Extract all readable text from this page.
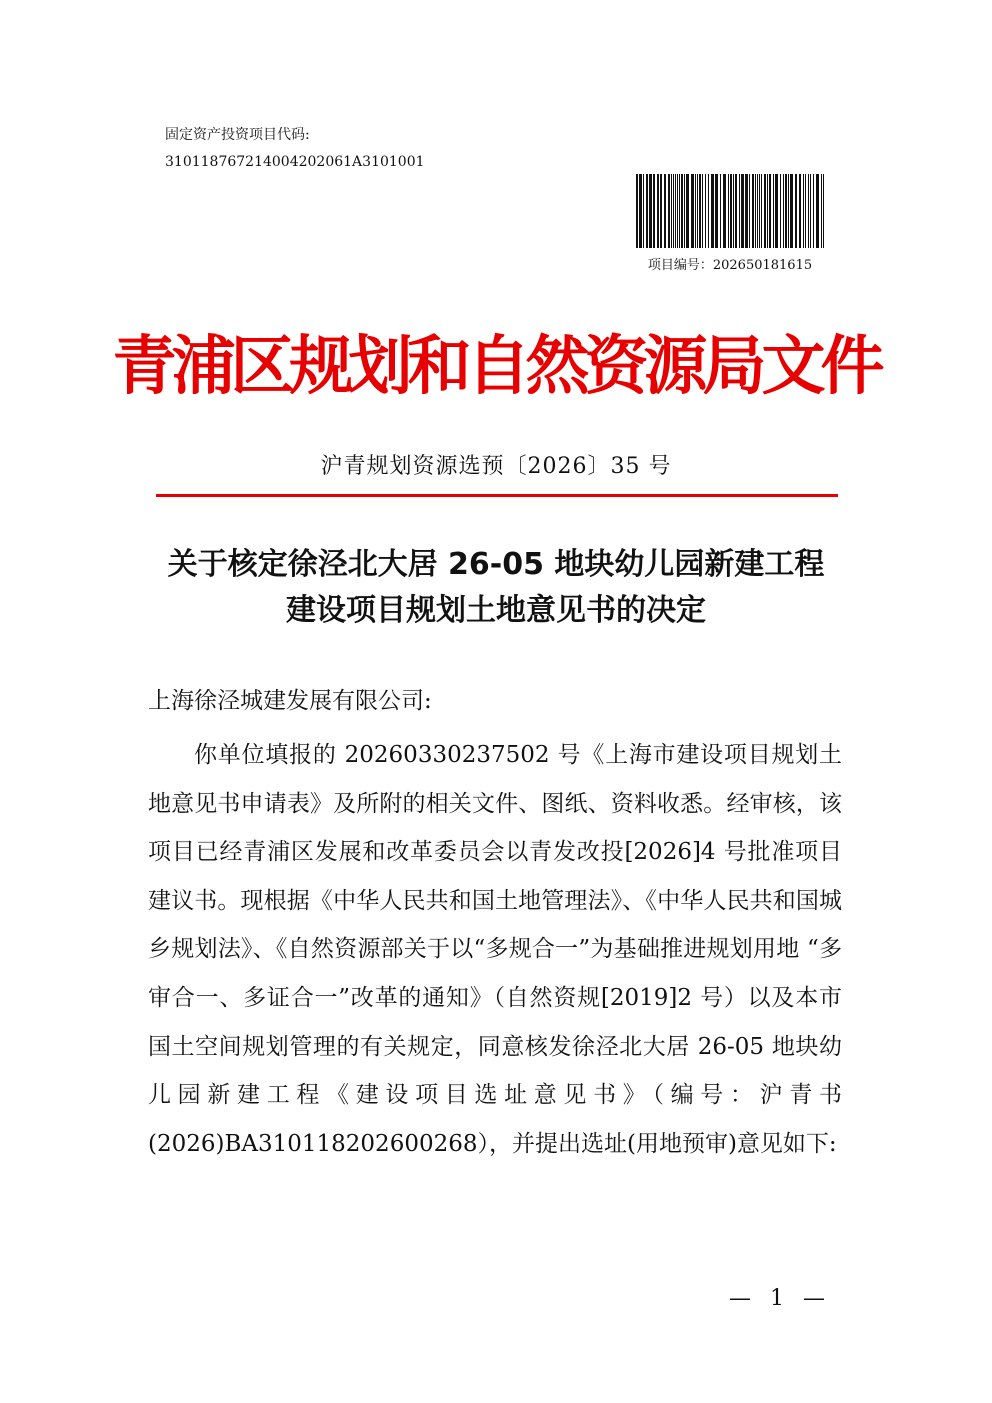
固定资产投资项目代码:
310118767214004202061A3101001
项目编号：202650181615
青浦区规划和自然资源局文件
沪青规划资源选预〔2026〕35 号
关于核定徐泾北大居 26-05 地块幼儿园新建工程
建设项目规划土地意见书的决定
上海徐泾城建发展有限公司:

你单位填报的 20260330237502 号《上海市建设项目规划土地意见书申请表》及所附的相关文件、图纸、资料收悉。经审核，该项目已经青浦区发展和改革委员会以青发改投[2026]4 号批准项目建议书。现根据《中华人民共和国土地管理法》、《中华人民共和国城乡规划法》、《自然资源部关于以“多规合一”为基础推进规划用地 “多审合一、多证合一”改革的通知》（自然资规[2019]2 号）以及本市国土空间规划管理的有关规定，同意核发徐泾北大居 26-05 地块幼儿园新建工程《建设项目选址意见书》（编号：沪青书(2026)BA310118202600268），并提出选址(用地预审)意见如下:

— 1 —
